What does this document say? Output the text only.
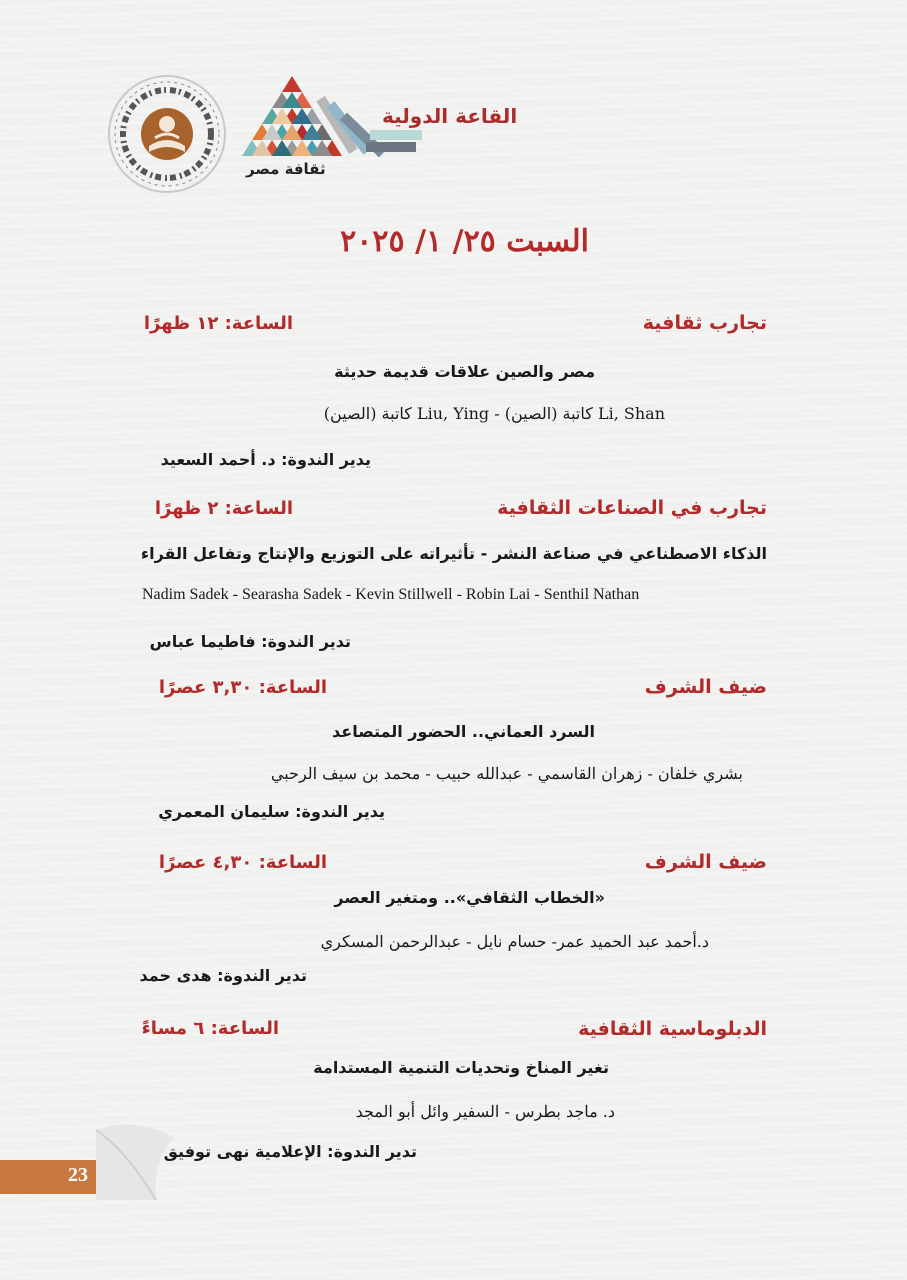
القاعة الدولية
ثقافة مصر
السبت ٢٥/ ١/ ٢٠٢٥
تجارب ثقافية
الساعة: ١٢ ظهرًا
مصر والصين علاقات قديمة حديثة
Li, Shan كاتبة (الصين) - Liu, Ying كاتبة (الصين)
يدير الندوة: د. أحمد السعيد
تجارب في الصناعات الثقافية
الساعة: ٢ ظهرًا
الذكاء الاصطناعي في صناعة النشر - تأثيراته على التوزيع والإنتاج وتفاعل القراء
Nadim Sadek - Searasha Sadek - Kevin Stillwell - Robin Lai - Senthil Nathan
تدير الندوة: فاطيما عباس
ضيف الشرف
الساعة: ٣,٣٠ عصرًا
السرد العماني.. الحضور المتصاعد
بشري خلفان - زهران القاسمي - عبدالله حبيب - محمد بن سيف الرحبي
يدير الندوة: سليمان المعمري
ضيف الشرف
الساعة: ٤,٣٠ عصرًا
«الخطاب الثقافي».. ومتغير العصر
د.أحمد عبد الحميد عمر- حسام نايل - عبدالرحمن المسكري
تدير الندوة: هدى حمد
الدبلوماسية الثقافية
الساعة: ٦ مساءً
تغير المناخ وتحديات التنمية المستدامة
د. ماجد بطرس - السفير وائل أبو المجد
تدير الندوة: الإعلامية نهى توفيق
23
